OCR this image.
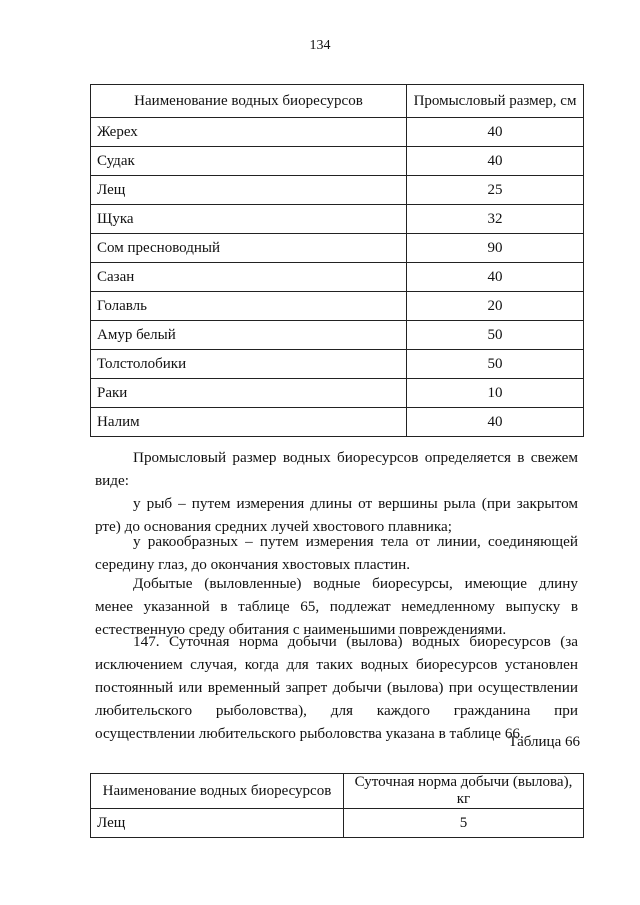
134
Наименование водных биоресурсов	Промысловый размер, см
Жерех	40
Судак	40
Лещ	25
Щука	32
Сом пресноводный	90
Сазан	40
Голавль	20
Амур белый	50
Толстолобики	50
Раки	10
Налим	40

Промысловый размер водных биоресурсов определяется в свежем виде:

у рыб – путем измерения длины от вершины рыла (при закрытом рте) до основания средних лучей хвостового плавника;

у ракообразных – путем измерения тела от линии, соединяющей середину глаз, до окончания хвостовых пластин.

Добытые (выловленные) водные биоресурсы, имеющие длину менее указанной в таблице 65, подлежат немедленному выпуску в естественную среду обитания с наименьшими повреждениями.

147. Суточная норма добычи (вылова) водных биоресурсов (за исключением случая, когда для таких водных биоресурсов установлен постоянный или временный запрет добычи (вылова) при осуществлении любительского рыболовства), для каждого гражданина при осуществлении любительского рыболовства указана в таблице 66.

Таблица 66
Наименование водных биоресурсов	Суточная норма добычи (вылова), кг
Лещ	5
